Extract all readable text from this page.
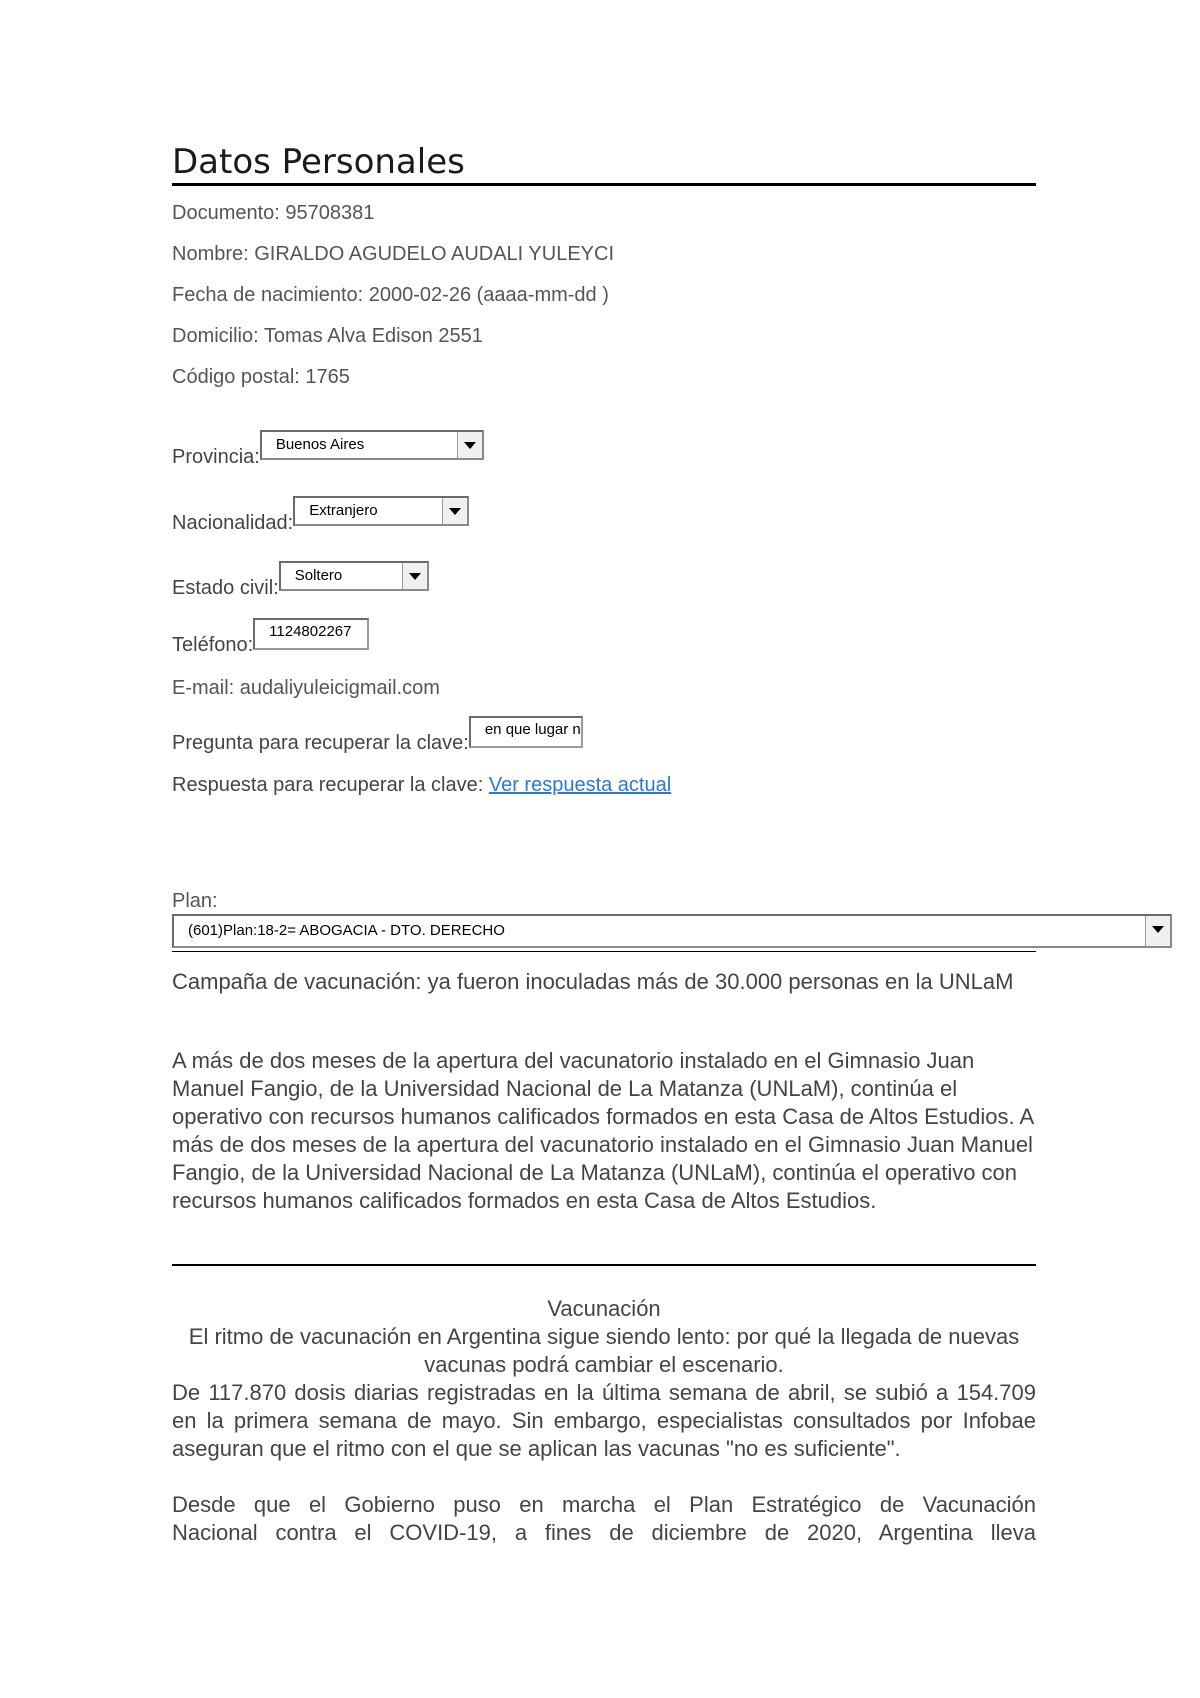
Datos Personales
Documento: 95708381
Nombre: GIRALDO AGUDELO AUDALI YULEYCI
Fecha de nacimiento: 2000-02-26 (aaaa-mm-dd )
Domicilio: Tomas Alva Edison 2551
Código postal: 1765
Provincia:Buenos Aires
Nacionalidad:Extranjero
Estado civil:Soltero
Teléfono:1124802267
E-mail: audaliyuleicigmail.com
Pregunta para recuperar la clave:en que lugar n
Respuesta para recuperar la clave: Ver respuesta actual
Plan:
(601)Plan:18-2= ABOGACIA - DTO. DERECHO
Campaña de vacunación: ya fueron inoculadas más de 30.000 personas en la UNLaM
A más de dos meses de la apertura del vacunatorio instalado en el Gimnasio Juan Manuel Fangio, de la Universidad Nacional de La Matanza (UNLaM), continúa el operativo con recursos humanos calificados formados en esta Casa de Altos Estudios. A más de dos meses de la apertura del vacunatorio instalado en el Gimnasio Juan Manuel Fangio, de la Universidad Nacional de La Matanza (UNLaM), continúa el operativo con recursos humanos calificados formados en esta Casa de Altos Estudios.
Vacunación
El ritmo de vacunación en Argentina sigue siendo lento: por qué la llegada de nuevas vacunas podrá cambiar el escenario.
De 117.870 dosis diarias registradas en la última semana de abril, se subió a 154.709 en la primera semana de mayo. Sin embargo, especialistas consultados por Infobae aseguran que el ritmo con el que se aplican las vacunas "no es suficiente".
Desde que el Gobierno puso en marcha el Plan Estratégico de Vacunación
Nacional contra el COVID-19, a fines de diciembre de 2020, Argentina lleva
